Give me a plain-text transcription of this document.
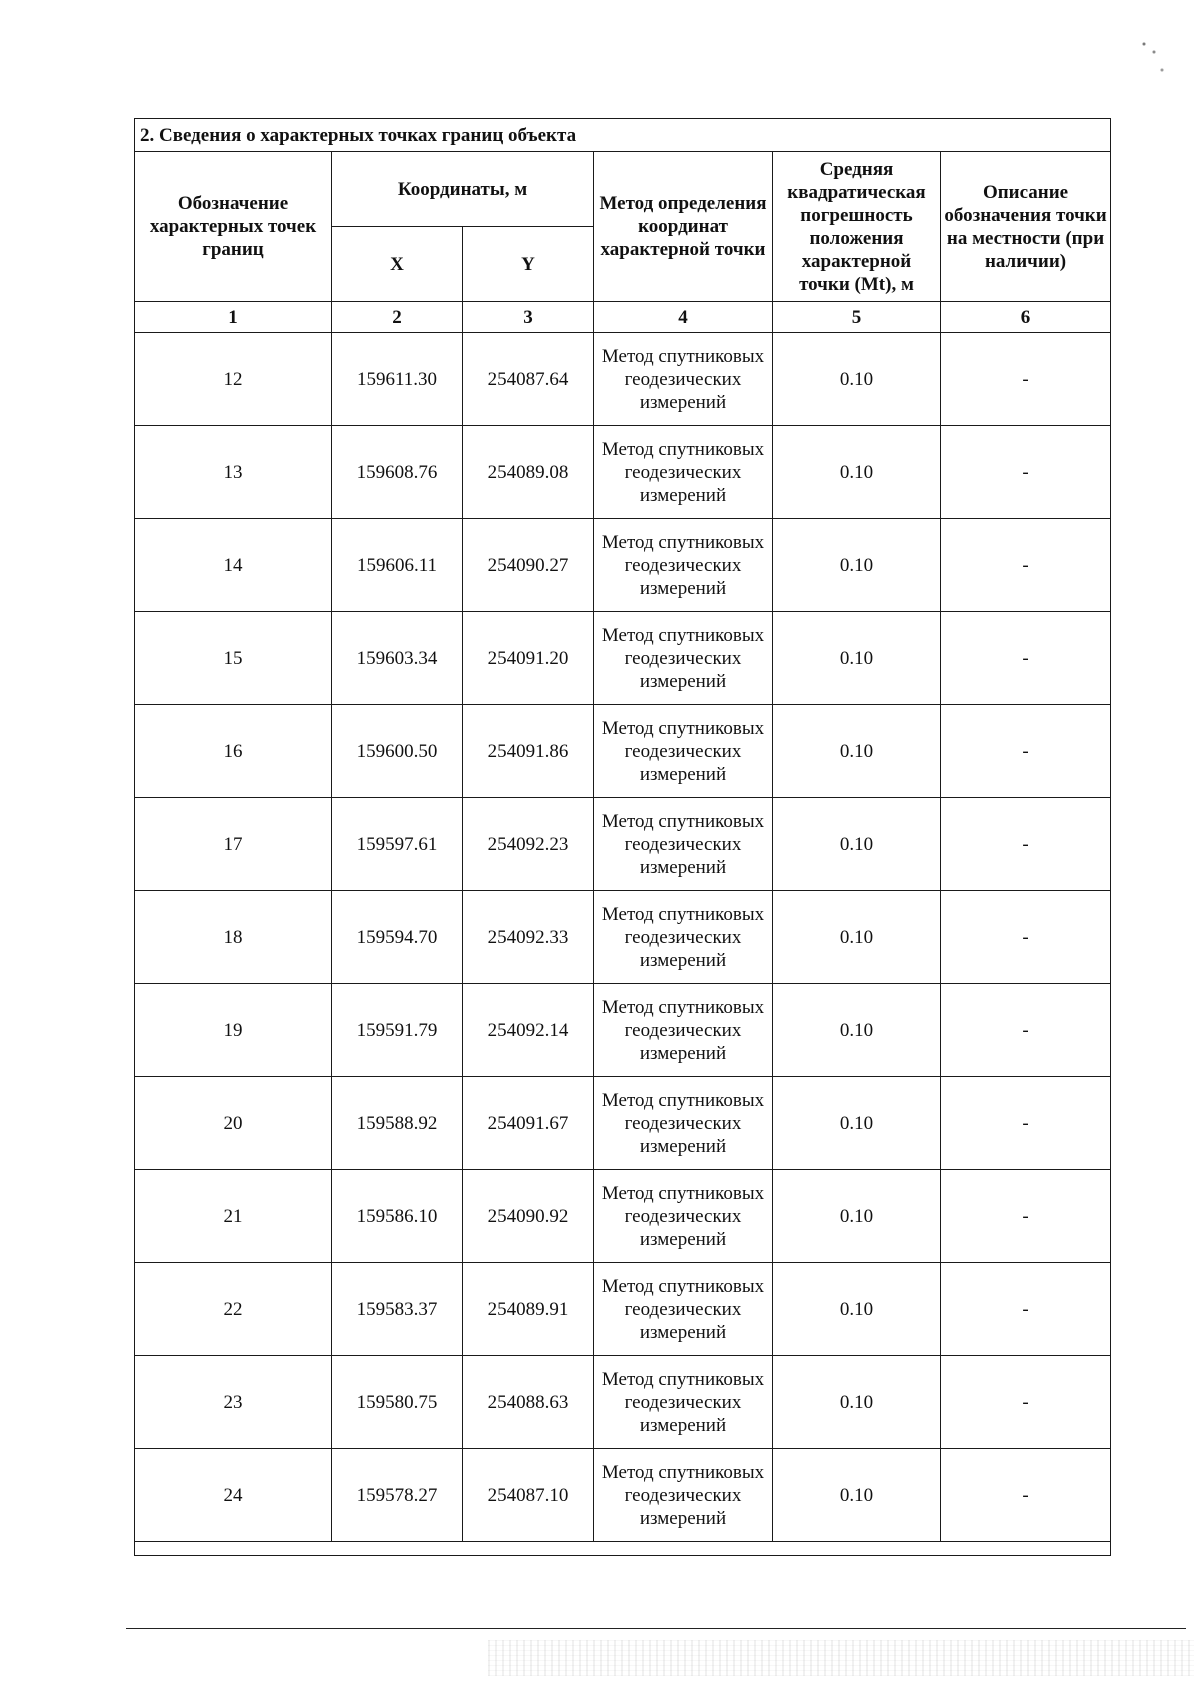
2. Сведения о характерных точках границ объекта					
Обозначение характерных точек границ	Координаты, м		Метод определения координат характерной точки	Средняя квадратическая погрешность положения характерной точки (Mt), м	Описание обозначения точки на местности (при наличии)
	X	Y			
1	2	3	4	5	6
12	159611.30	254087.64	Метод спутниковых геодезических измерений	0.10	-
13	159608.76	254089.08	Метод спутниковых геодезических измерений	0.10	-
14	159606.11	254090.27	Метод спутниковых геодезических измерений	0.10	-
15	159603.34	254091.20	Метод спутниковых геодезических измерений	0.10	-
16	159600.50	254091.86	Метод спутниковых геодезических измерений	0.10	-
17	159597.61	254092.23	Метод спутниковых геодезических измерений	0.10	-
18	159594.70	254092.33	Метод спутниковых геодезических измерений	0.10	-
19	159591.79	254092.14	Метод спутниковых геодезических измерений	0.10	-
20	159588.92	254091.67	Метод спутниковых геодезических измерений	0.10	-
21	159586.10	254090.92	Метод спутниковых геодезических измерений	0.10	-
22	159583.37	254089.91	Метод спутниковых геодезических измерений	0.10	-
23	159580.75	254088.63	Метод спутниковых геодезических измерений	0.10	-
24	159578.27	254087.10	Метод спутниковых геодезических измерений	0.10	-
